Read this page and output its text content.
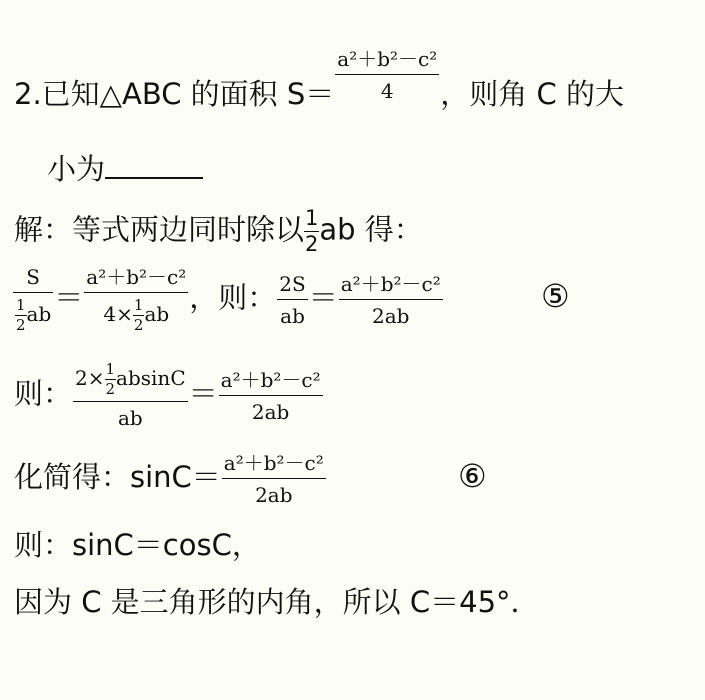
2.已知△ABC 的面积 $S= \frac{\text{a²＋b²－c²}}{4}$ ，则角 C 的大
小为
解：等式两边同时除以 $\frac{1}{2}$ ab 得：
$\frac{S}{\frac{1}{2} ab} = \frac{\text{a²＋b²－c²}}{4\times \frac{1}{2} ab}$ ，则： $\frac{2S}{ab} = \frac{\text{a²＋b²－c²}}{2ab}$	⑤
则： $\frac{2\times \frac{1}{2} absinC}{ab} = \frac{\text{a²＋b²－c²}}{2ab}$
化简得：$\sin C= \frac{\text{a²＋b²－c²}}{2ab}$	⑥
则：sinC＝cosC，
因为 C 是三角形的内角，所以 C＝45°．
